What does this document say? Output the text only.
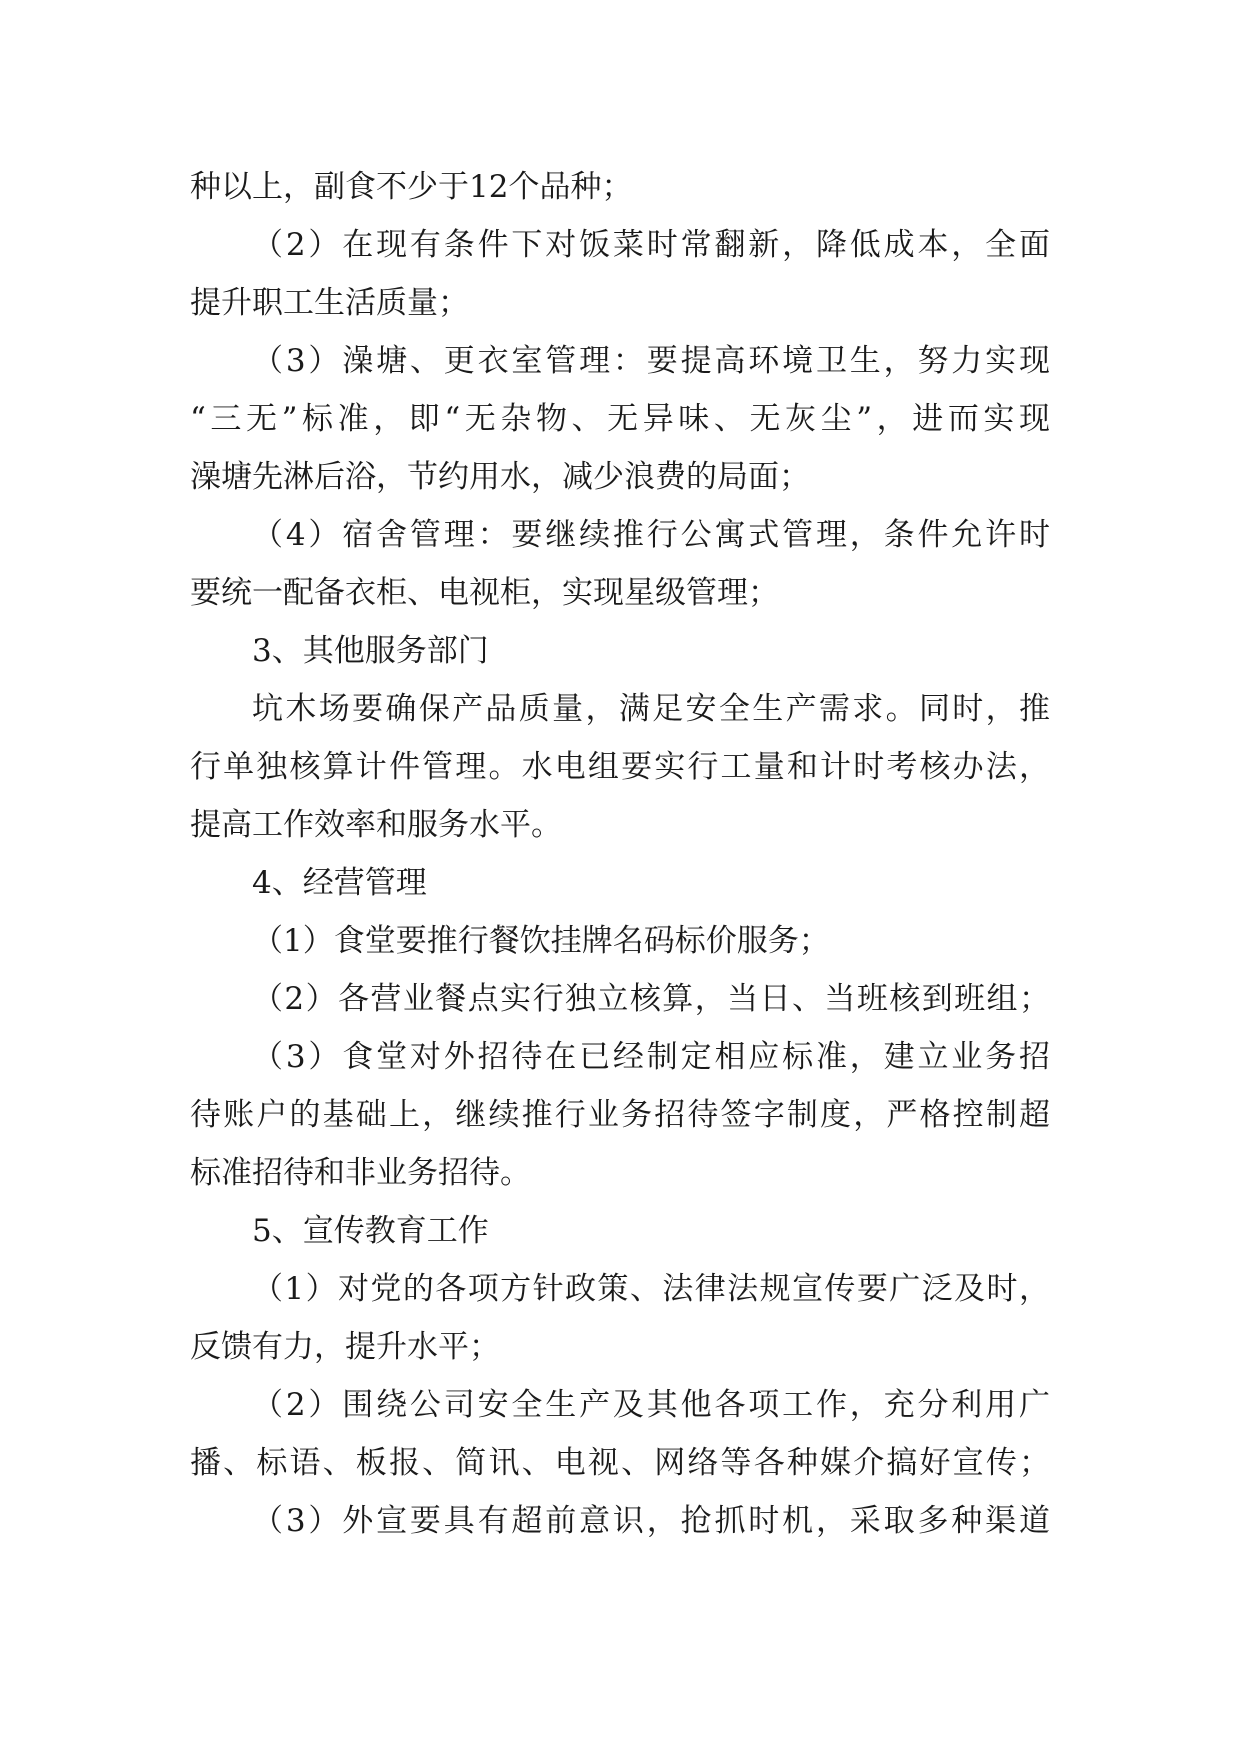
种以上，副食不少于12个品种；
（2）在现有条件下对饭菜时常翻新，降低成本，全面
提升职工生活质量；
（3）澡塘、更衣室管理：要提高环境卫生，努力实现
“三无”标准，即“无杂物、无异味、无灰尘”，进而实现
澡塘先淋后浴，节约用水，减少浪费的局面；
（4）宿舍管理：要继续推行公寓式管理，条件允许时
要统一配备衣柜、电视柜，实现星级管理；
3、其他服务部门
坑木场要确保产品质量，满足安全生产需求。同时，推
行单独核算计件管理。水电组要实行工量和计时考核办法，
提高工作效率和服务水平。
4、经营管理
（1）食堂要推行餐饮挂牌名码标价服务；
（2）各营业餐点实行独立核算，当日、当班核到班组；
（3）食堂对外招待在已经制定相应标准，建立业务招
待账户的基础上，继续推行业务招待签字制度，严格控制超
标准招待和非业务招待。
5、宣传教育工作
（1）对党的各项方针政策、法律法规宣传要广泛及时，
反馈有力，提升水平；
（2）围绕公司安全生产及其他各项工作，充分利用广
播、标语、板报、简讯、电视、网络等各种媒介搞好宣传；
（3）外宣要具有超前意识，抢抓时机，采取多种渠道
